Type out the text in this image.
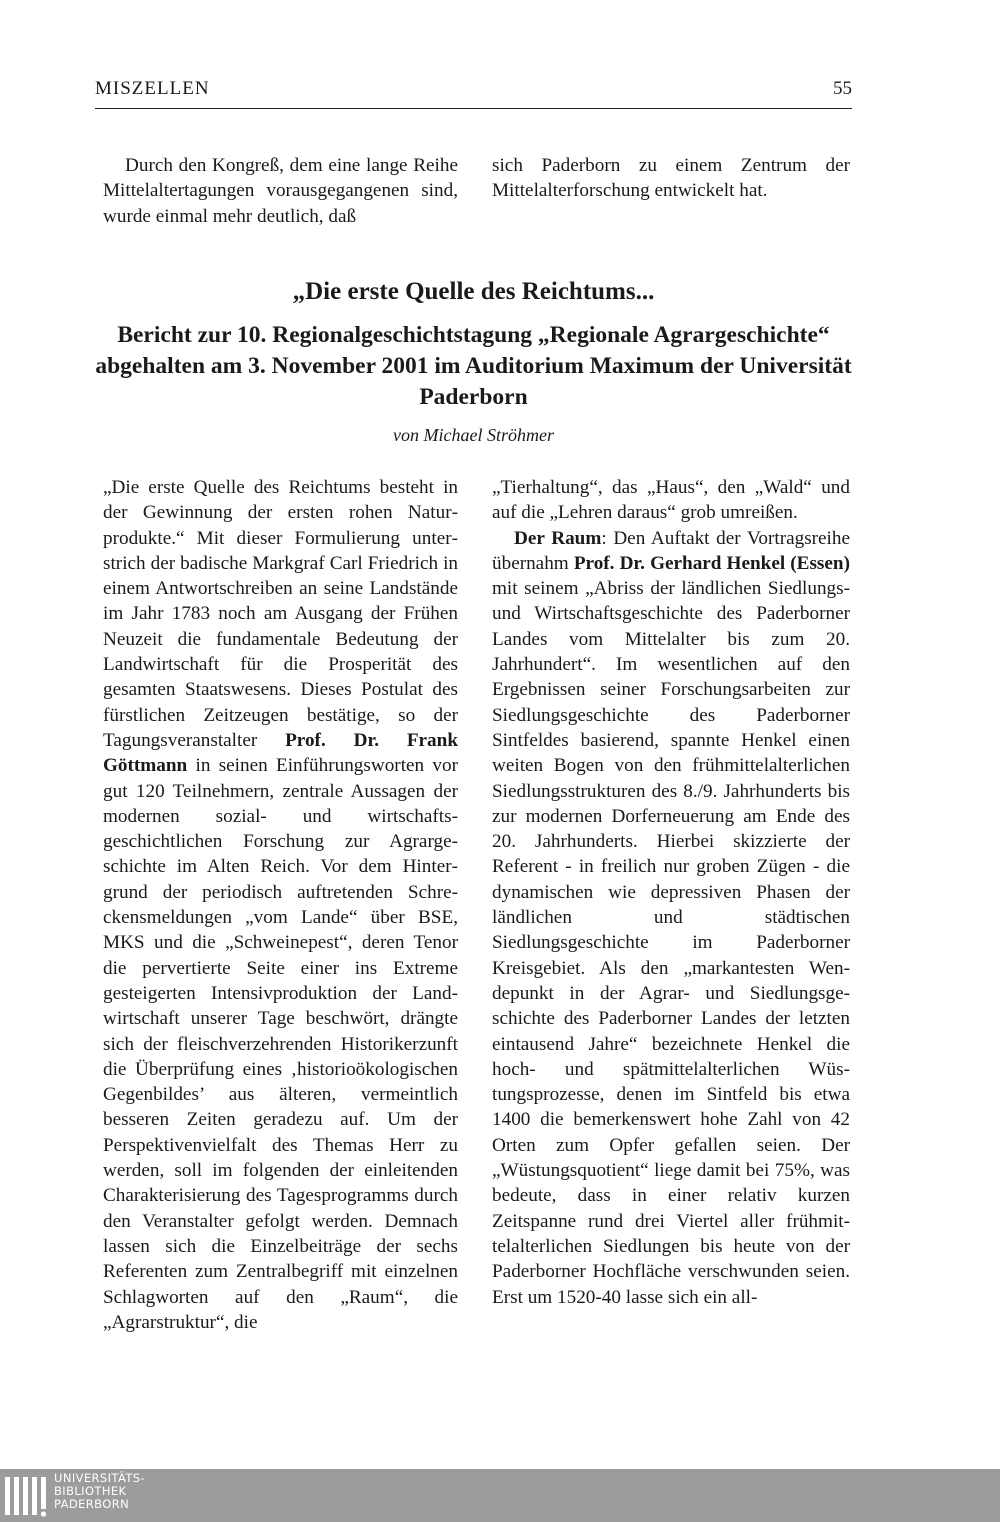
MISZELLEN	55

Durch den Kongreß, dem eine lange Reihe Mittelaltertagungen vorausgegangenen sind, wurde einmal mehr deutlich, daß

sich Paderborn zu einem Zentrum der Mittelalterforschung entwickelt hat.

„Die erste Quelle des Reichtums...
Bericht zur 10. Regionalgeschichtstagung „Regionale Agrargeschichte“ abgehalten am 3. November 2001 im Auditorium Maximum der Universität Paderborn
von Michael Ströhmer

„Die erste Quelle des Reichtums besteht in der Gewinnung der ersten rohen Naturprodukte.“ Mit dieser Formulierung unterstrich der badische Markgraf Carl Friedrich in einem Antwortschreiben an seine Landstände im Jahr 1783 noch am Ausgang der Frühen Neuzeit die fundamentale Bedeutung der Landwirtschaft für die Prosperität des gesamten Staatswesens. Dieses Postulat des fürstlichen Zeitzeugen bestätige, so der Tagungsveranstalter Prof. Dr. Frank Göttmann in seinen Einführungsworten vor gut 120 Teilnehmern, zentrale Aussagen der modernen sozial- und wirtschaftsgeschichtlichen Forschung zur Agrargeschichte im Alten Reich. Vor dem Hintergrund der periodisch auftretenden Schreckensmeldungen „vom Lande“ über BSE, MKS und die „Schweinepest“, deren Tenor die pervertierte Seite einer ins Extreme gesteigerten Intensivproduktion der Landwirtschaft unserer Tage beschwört, drängte sich der fleischverzehrenden Historikerzunft die Überprüfung eines ‚historioökologischen Gegenbildes’ aus älteren, vermeintlich besseren Zeiten geradezu auf. Um der Perspektivenvielfalt des Themas Herr zu werden, soll im folgenden der einleitenden Charakterisierung des Tagesprogramms durch den Veranstalter gefolgt werden. Demnach lassen sich die Einzelbeiträge der sechs Referenten zum Zentralbegriff mit einzelnen Schlagworten auf den „Raum“, die „Agrarstruktur“, die

„Tierhaltung“, das „Haus“, den „Wald“ und auf die „Lehren daraus“ grob umreißen.

Der Raum: Den Auftakt der Vortragsreihe übernahm Prof. Dr. Gerhard Henkel (Essen) mit seinem „Abriss der ländlichen Siedlungs- und Wirtschaftsgeschichte des Paderborner Landes vom Mittelalter bis zum 20. Jahrhundert“. Im wesentlichen auf den Ergebnissen seiner Forschungsarbeiten zur Siedlungsgeschichte des Paderborner Sintfeldes basierend, spannte Henkel einen weiten Bogen von den frühmittelalterlichen Siedlungsstrukturen des 8./9. Jahrhunderts bis zur modernen Dorferneuerung am Ende des 20. Jahrhunderts. Hierbei skizzierte der Referent - in freilich nur groben Zügen - die dynamischen wie depressiven Phasen der ländlichen und städtischen Siedlungsgeschichte im Paderborner Kreisgebiet. Als den „markantesten Wendepunkt in der Agrar- und Siedlungsgeschichte des Paderborner Landes der letzten eintausend Jahre“ bezeichnete Henkel die hoch- und spätmittelalterlichen Wüstungsprozesse, denen im Sintfeld bis etwa 1400 die bemerkenswert hohe Zahl von 42 Orten zum Opfer gefallen seien. Der „Wüstungsquotient“ liege damit bei 75%, was bedeute, dass in einer relativ kurzen Zeitspanne rund drei Viertel aller frühmittelalterlichen Siedlungen bis heute von der Paderborner Hochfläche verschwunden seien. Erst um 1520-40 lasse sich ein all-

UNIVERSITÄTS-
BIBLIOTHEK
PADERBORN
